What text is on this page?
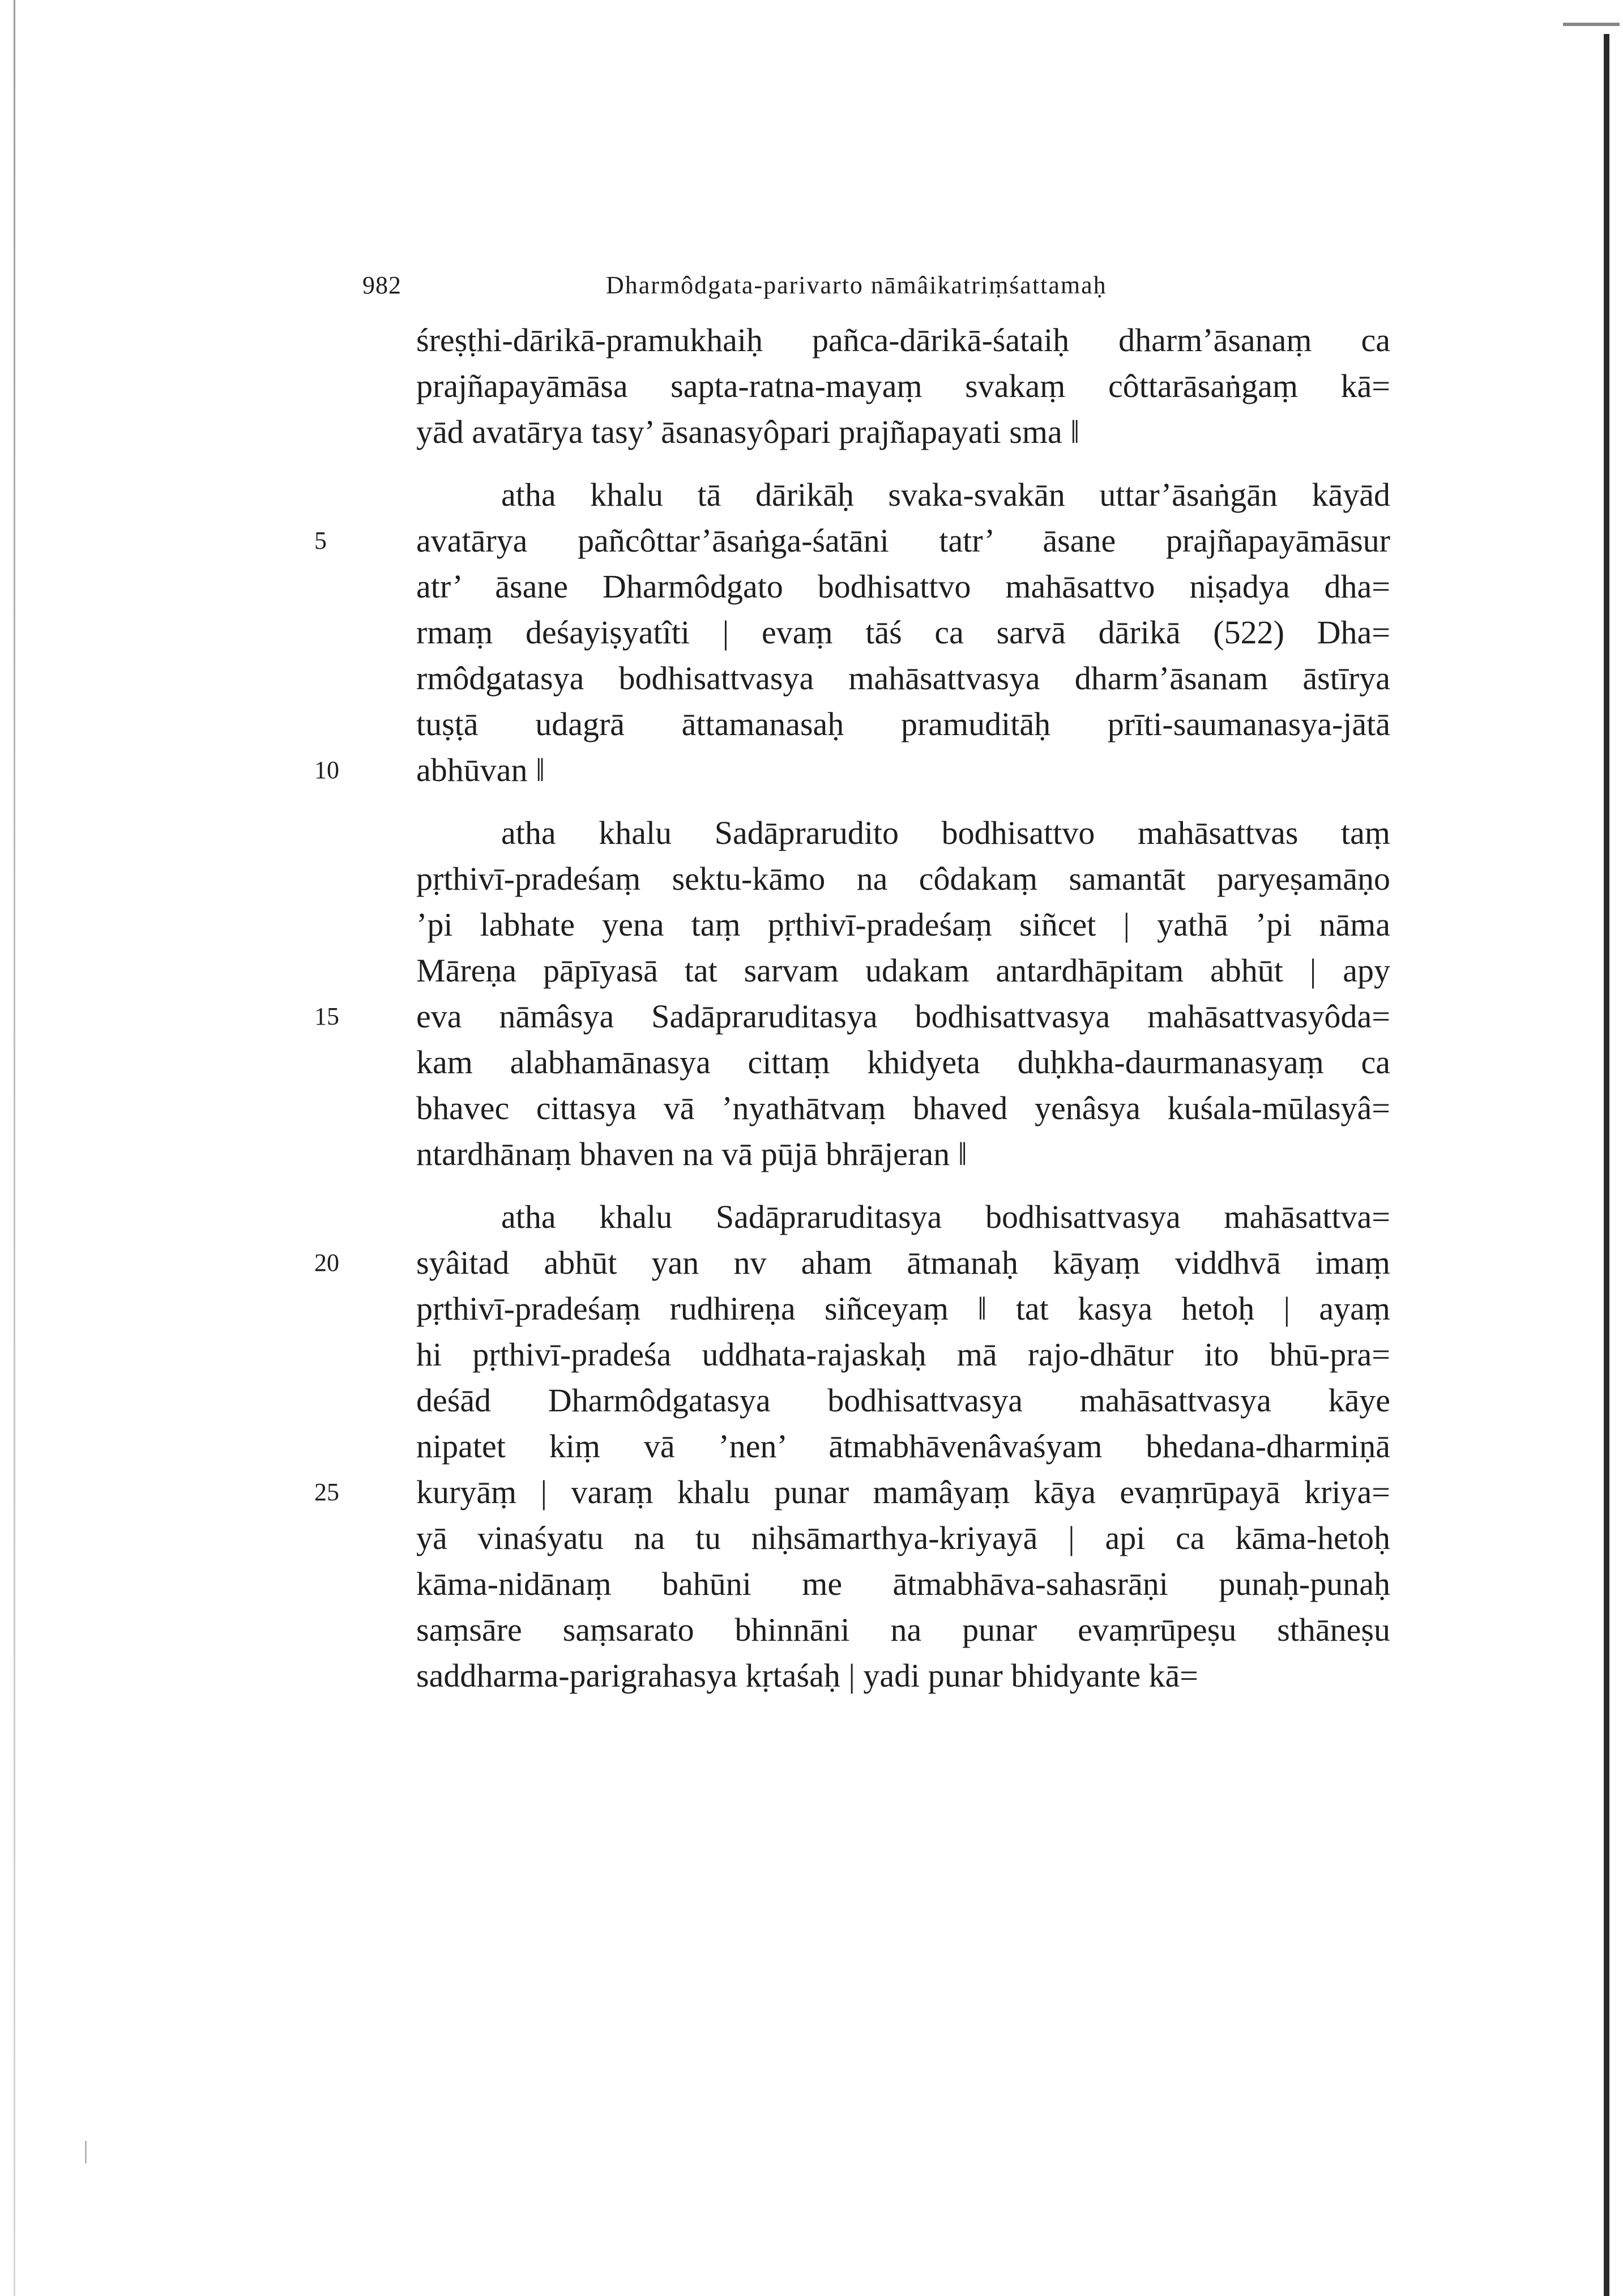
982	Dharmôdgata-parivarto nāmâikatriṃśattamaḥ
śreṣṭhi-dārikā-pramukhaiḥ pañca-dārikā-śataiḥ dharm’āsanaṃ ca
prajñapayāmāsa sapta-ratna-mayaṃ svakaṃ côttarāsaṅgaṃ kā=
yād avatārya tasy’ āsanasyôpari prajñapayati sma ‖
atha khalu tā dārikāḥ svaka-svakān uttar’āsaṅgān kāyād
5	avatārya pañcôttar’āsaṅga-śatāni tatr’ āsane prajñapayāmāsur
atr’ āsane Dharmôdgato bodhisattvo mahāsattvo niṣadya dha=
rmaṃ deśayiṣyatîti | evaṃ tāś ca sarvā dārikā (522) Dha=
rmôdgatasya bodhisattvasya mahāsattvasya dharm’āsanam āstīrya
tuṣṭā udagrā āttamanasaḥ pramuditāḥ prīti-saumanasya-jātā
10 abhūvan ‖
atha khalu Sadāprarudito bodhisattvo mahāsattvas taṃ
pṛthivī-pradeśaṃ sektu-kāmo na côdakaṃ samantāt paryeṣamāṇo
’pi labhate yena taṃ pṛthivī-pradeśaṃ siñcet | yathā ’pi nāma
Māreṇa pāpīyasā tat sarvam udakam antardhāpitam abhūt | apy
15 eva nāmâsya Sadāpraruditasya bodhisattvasya mahāsattvasyôda=
kam alabhamānasya cittaṃ khidyeta duḥkha-daurmanasyaṃ ca
bhavec cittasya vā ’nyathātvaṃ bhaved yenâsya kuśala-mūlasyâ=
ntardhānaṃ bhaven na vā pūjā bhrājeran ‖
atha khalu Sadāpraruditasya bodhisattvasya mahāsattva=
20 syâitad abhūt yan nv aham ātmanaḥ kāyaṃ viddhvā imaṃ
pṛthivī-pradeśaṃ rudhireṇa siñceyaṃ ‖ tat kasya hetoḥ | ayaṃ
hi pṛthivī-pradeśa uddhata-rajaskaḥ mā rajo-dhātur ito bhū-pra=
deśād Dharmôdgatasya bodhisattvasya mahāsattvasya kāye
nipatet kiṃ vā ’nen’ ātmabhāvenâvaśyam bhedana-dharmiṇā
25 kuryāṃ | varaṃ khalu punar mamâyaṃ kāya evaṃrūpayā kriya=
yā vinaśyatu na tu niḥsāmarthya-kriyayā | api ca kāma-hetoḥ
kāma-nidānaṃ bahūni me ātmabhāva-sahasrāṇi punaḥ-punaḥ
saṃsāre saṃsarato bhinnāni na punar evaṃrūpeṣu sthāneṣu
saddharma-parigrahasya kṛtaśaḥ | yadi punar bhidyante kā=
